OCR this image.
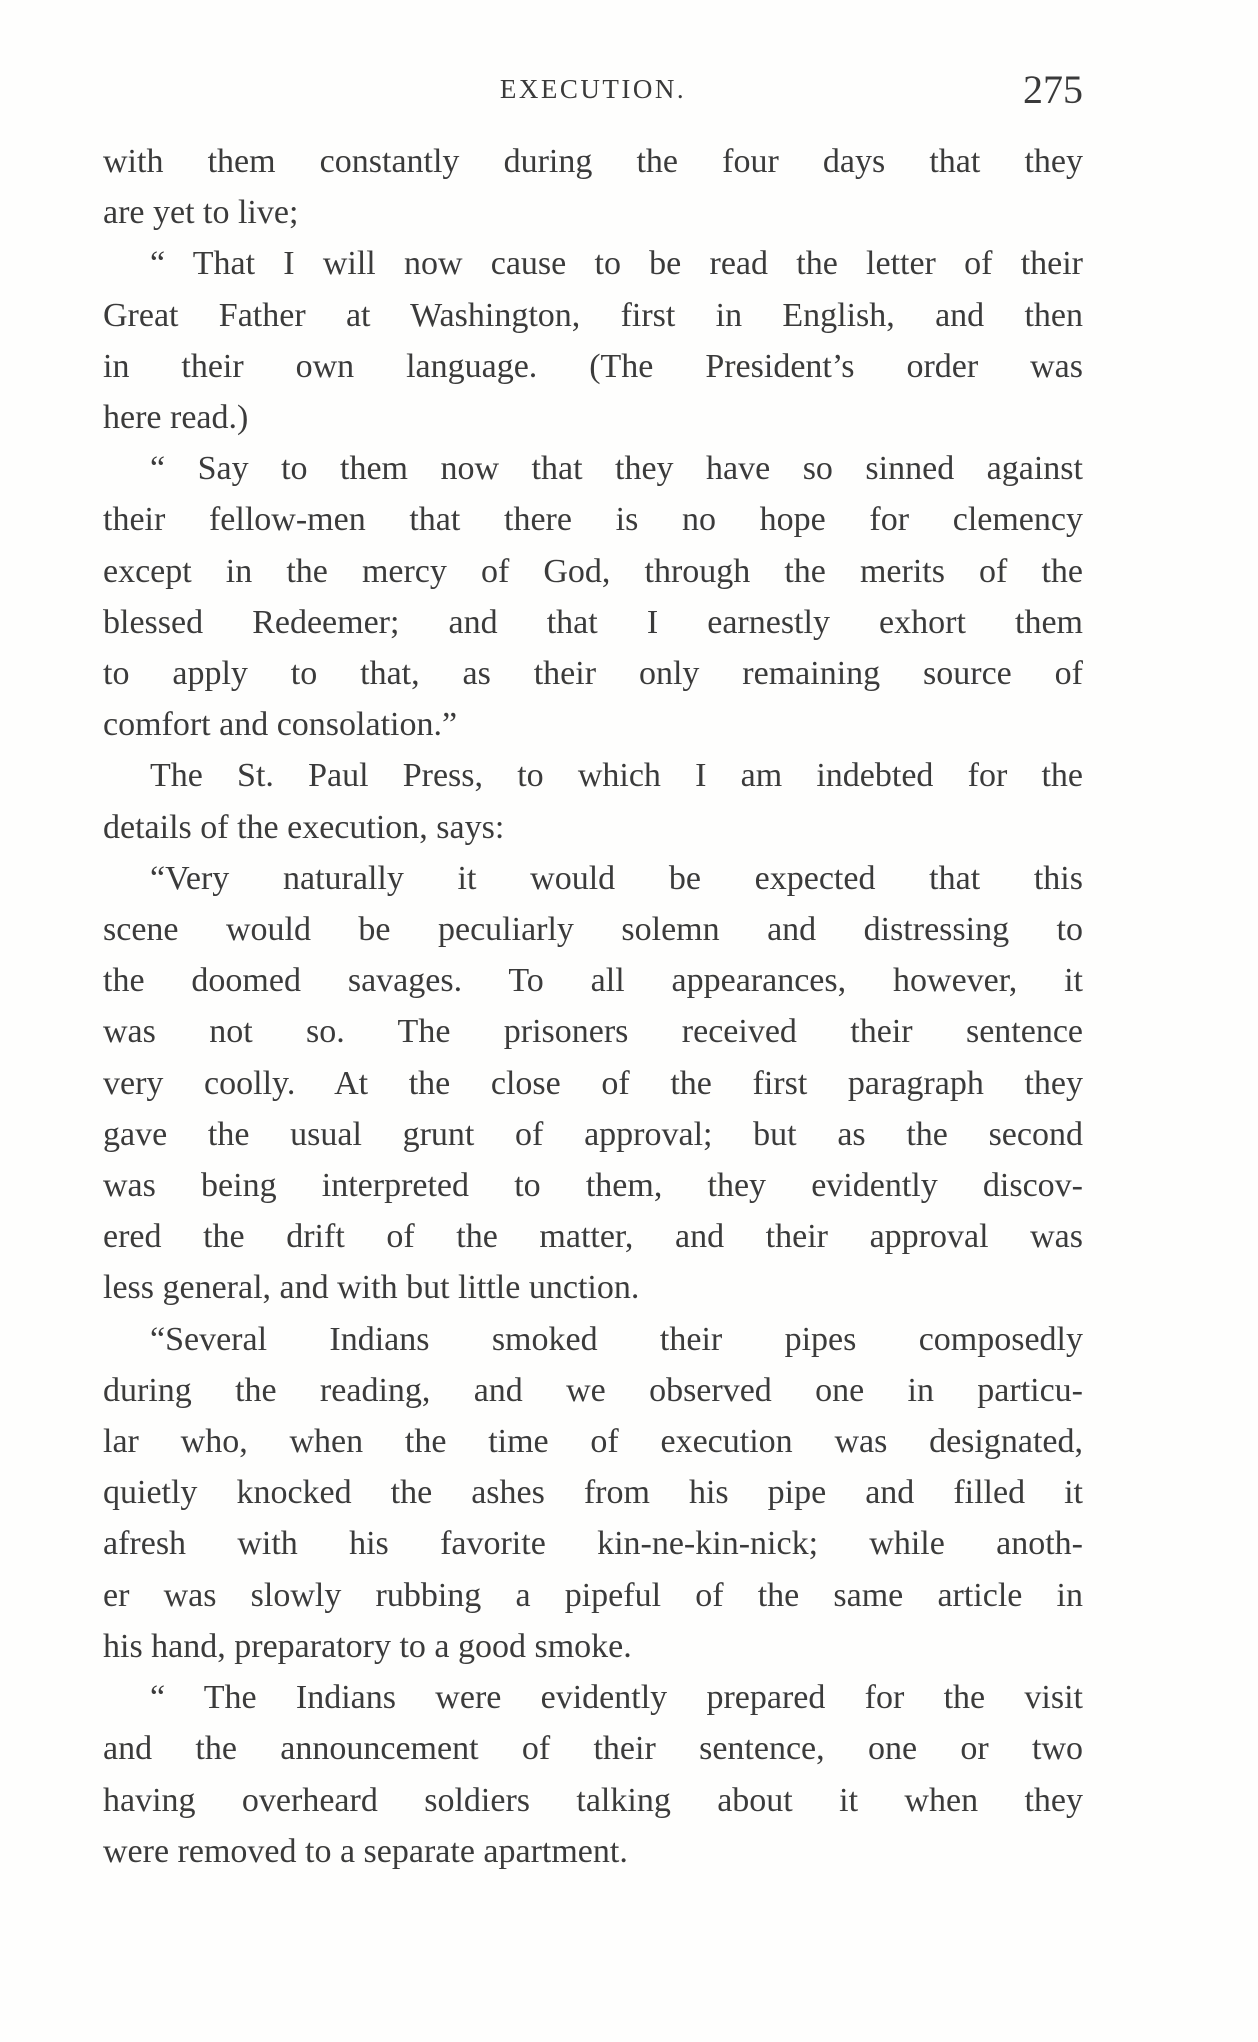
EXECUTION.	275
with them constantly during the four days that they
are yet to live;
“ That I will now cause to be read the letter of their
Great Father at Washington, first in English, and then
in their own language. (The President’s order was
here read.)
“ Say to them now that they have so sinned against
their fellow-men that there is no hope for clemency
except in the mercy of God, through the merits of the
blessed Redeemer; and that I earnestly exhort them
to apply to that, as their only remaining source of
comfort and consolation.”
The St. Paul Press, to which I am indebted for the
details of the execution, says:
“Very naturally it would be expected that this
scene would be peculiarly solemn and distressing to
the doomed savages. To all appearances, however, it
was not so. The prisoners received their sentence
very coolly. At the close of the first paragraph they
gave the usual grunt of approval; but as the second
was being interpreted to them, they evidently discov-
ered the drift of the matter, and their approval was
less general, and with but little unction.
“Several Indians smoked their pipes composedly
during the reading, and we observed one in particu-
lar who, when the time of execution was designated,
quietly knocked the ashes from his pipe and filled it
afresh with his favorite kin-ne-kin-nick; while anoth-
er was slowly rubbing a pipeful of the same article in
his hand, preparatory to a good smoke.
“ The Indians were evidently prepared for the visit
and the announcement of their sentence, one or two
having overheard soldiers talking about it when they
were removed to a separate apartment.
